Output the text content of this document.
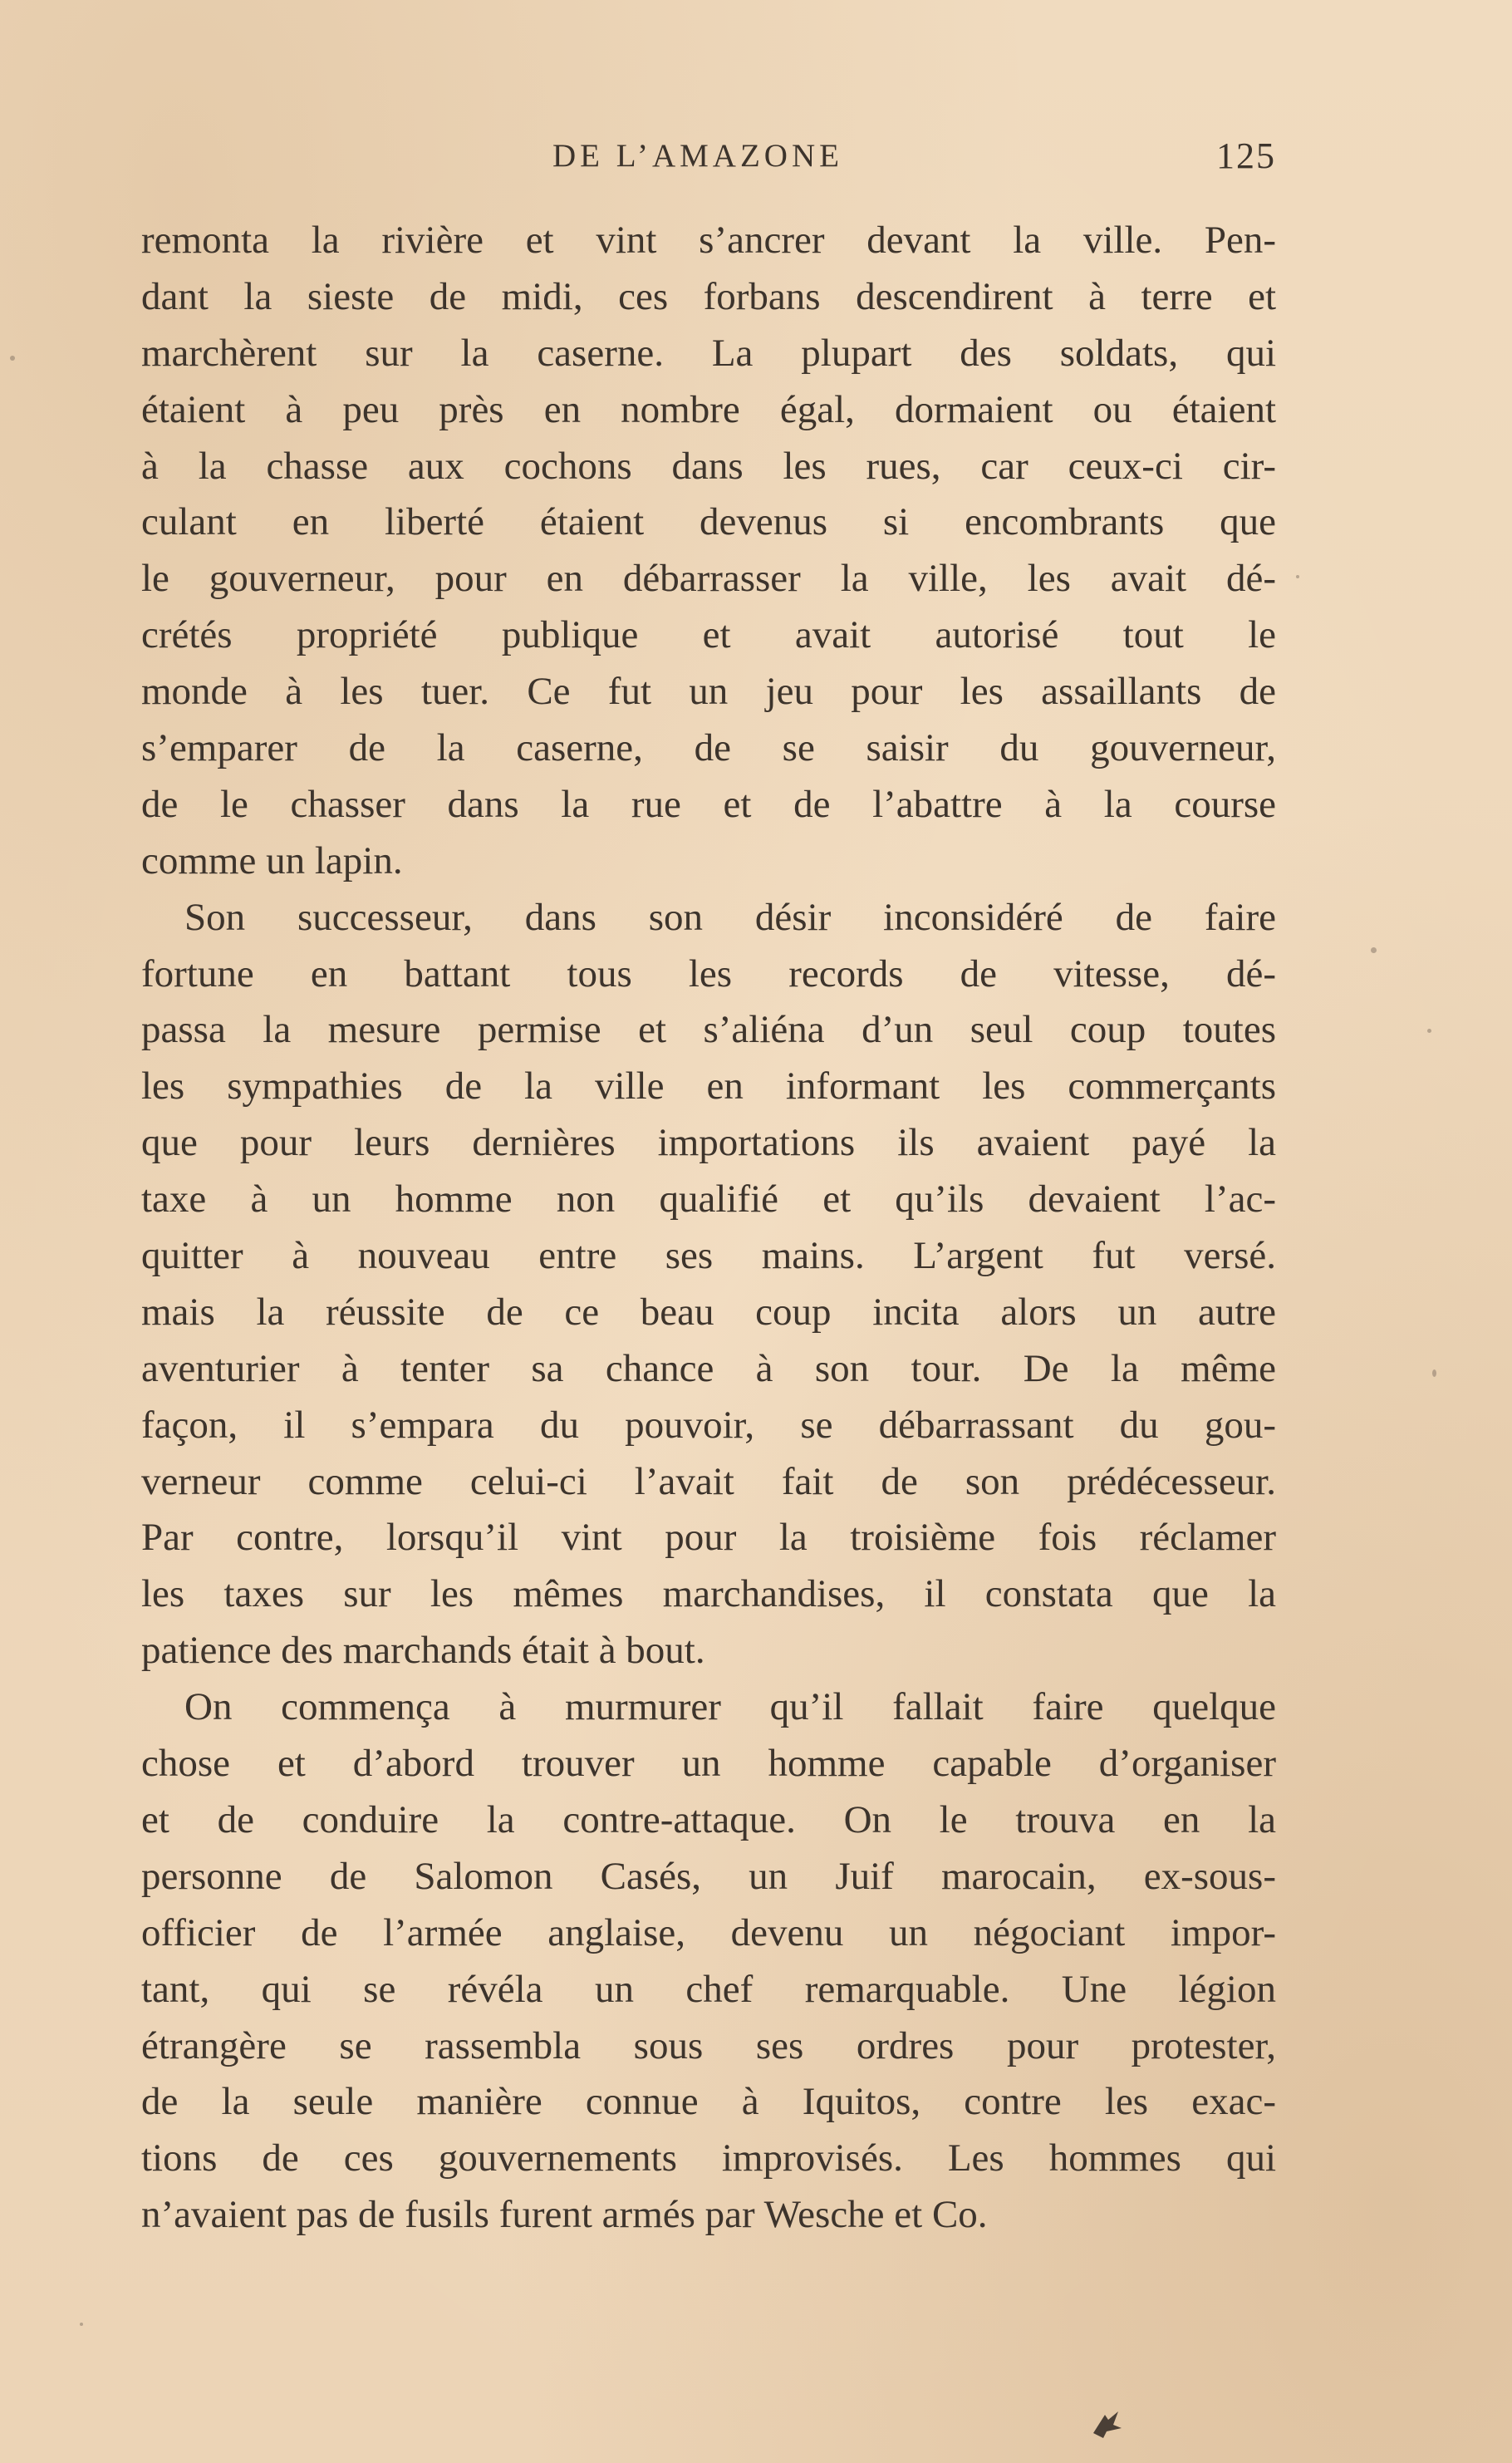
DE L’AMAZONE	125
remonta la rivière et vint s’ancrer devant la ville. Pen-
dant la sieste de midi, ces forbans descendirent à terre et
marchèrent sur la caserne. La plupart des soldats, qui
étaient à peu près en nombre égal, dormaient ou étaient
à la chasse aux cochons dans les rues, car ceux-ci cir-
culant en liberté étaient devenus si encombrants que
le gouverneur, pour en débarrasser la ville, les avait dé-
crétés propriété publique et avait autorisé tout le
monde à les tuer. Ce fut un jeu pour les assaillants de
s’emparer de la caserne, de se saisir du gouverneur,
de le chasser dans la rue et de l’abattre à la course
comme un lapin.
Son successeur, dans son désir inconsidéré de faire
fortune en battant tous les records de vitesse, dé-
passa la mesure permise et s’aliéna d’un seul coup toutes
les sympathies de la ville en informant les commerçants
que pour leurs dernières importations ils avaient payé la
taxe à un homme non qualifié et qu’ils devaient l’ac-
quitter à nouveau entre ses mains. L’argent fut versé.
mais la réussite de ce beau coup incita alors un autre
aventurier à tenter sa chance à son tour. De la même
façon, il s’empara du pouvoir, se débarrassant du gou-
verneur comme celui-ci l’avait fait de son prédécesseur.
Par contre, lorsqu’il vint pour la troisième fois réclamer
les taxes sur les mêmes marchandises, il constata que la
patience des marchands était à bout.
On commença à murmurer qu’il fallait faire quelque
chose et d’abord trouver un homme capable d’organiser
et de conduire la contre-attaque. On le trouva en la
personne de Salomon Casés, un Juif marocain, ex-sous-
officier de l’armée anglaise, devenu un négociant impor-
tant, qui se révéla un chef remarquable. Une légion
étrangère se rassembla sous ses ordres pour protester,
de la seule manière connue à Iquitos, contre les exac-
tions de ces gouvernements improvisés. Les hommes qui
n’avaient pas de fusils furent armés par Wesche et Co.
